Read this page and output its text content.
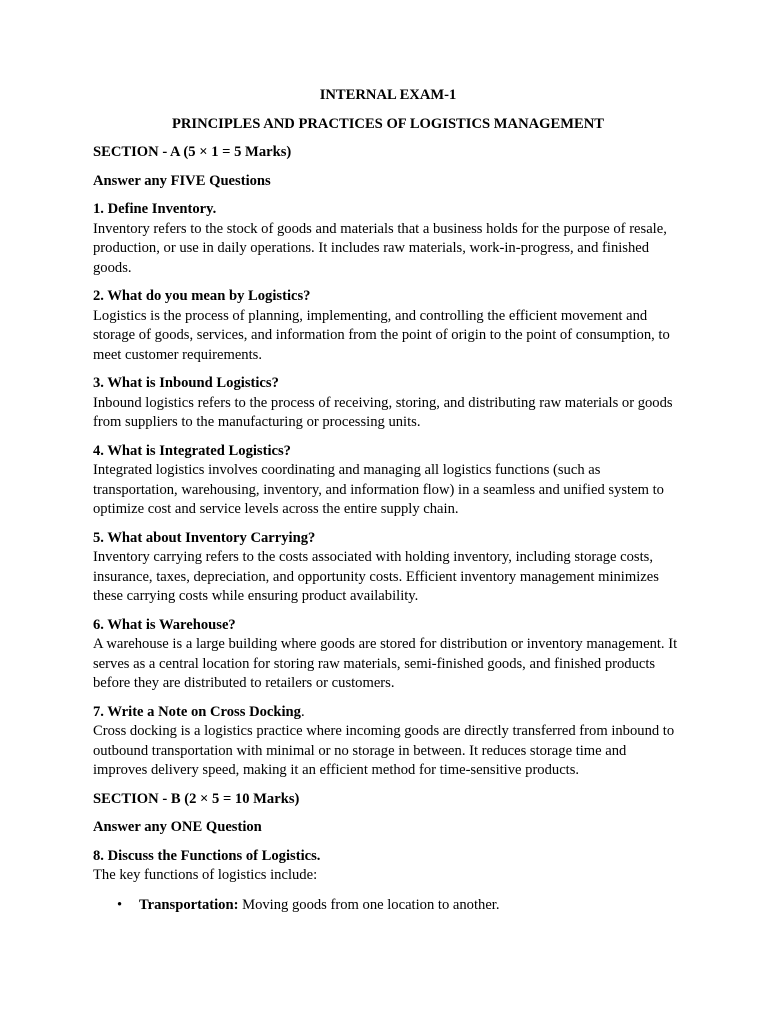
INTERNAL EXAM-1

PRINCIPLES AND PRACTICES OF LOGISTICS MANAGEMENT

SECTION - A (5 × 1 = 5 Marks)

Answer any FIVE Questions

1. Define Inventory.
Inventory refers to the stock of goods and materials that a business holds for the purpose of resale, production, or use in daily operations. It includes raw materials, work-in-progress, and finished goods.
2. What do you mean by Logistics?
Logistics is the process of planning, implementing, and controlling the efficient movement and storage of goods, services, and information from the point of origin to the point of consumption, to meet customer requirements.
3. What is Inbound Logistics?
Inbound logistics refers to the process of receiving, storing, and distributing raw materials or goods from suppliers to the manufacturing or processing units.
4. What is Integrated Logistics?
Integrated logistics involves coordinating and managing all logistics functions (such as transportation, warehousing, inventory, and information flow) in a seamless and unified system to optimize cost and service levels across the entire supply chain.
5. What about Inventory Carrying?
Inventory carrying refers to the costs associated with holding inventory, including storage costs, insurance, taxes, depreciation, and opportunity costs. Efficient inventory management minimizes these carrying costs while ensuring product availability.
6. What is Warehouse?
A warehouse is a large building where goods are stored for distribution or inventory management. It serves as a central location for storing raw materials, semi-finished goods, and finished products before they are distributed to retailers or customers.
7. Write a Note on Cross Docking.
Cross docking is a logistics practice where incoming goods are directly transferred from inbound to outbound transportation with minimal or no storage in between. It reduces storage time and improves delivery speed, making it an efficient method for time-sensitive products.

SECTION - B (2 × 5 = 10 Marks)

Answer any ONE Question

8. Discuss the Functions of Logistics.
The key functions of logistics include:
• Transportation: Moving goods from one location to another.
